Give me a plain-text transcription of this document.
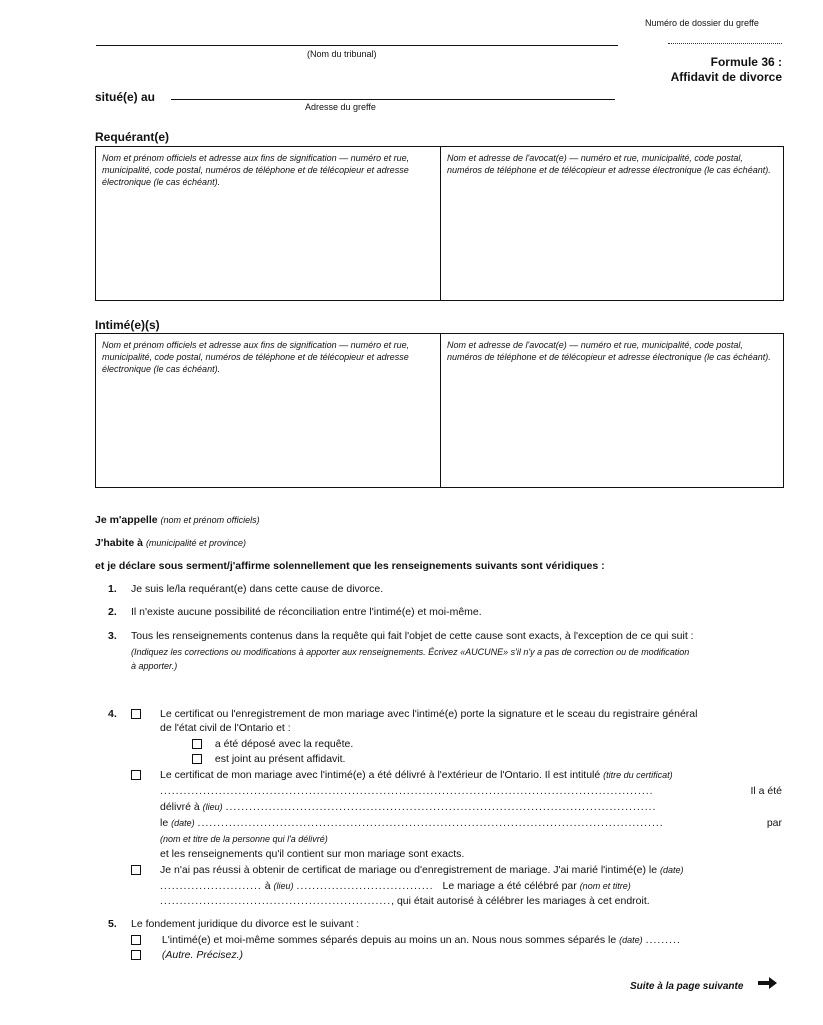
Numéro de dossier du greffe
(Nom du tribunal)
Formule 36 :
Affidavit de divorce
situé(e) au
Adresse du greffe
Requérant(e)
Nom et prénom officiels et adresse aux fins de signification — numéro et rue, municipalité, code postal, numéros de téléphone et de télécopieur et adresse électronique (le cas échéant).
Nom et adresse de l'avocat(e) — numéro et rue, municipalité, code postal, numéros de téléphone et de télécopieur et adresse électronique (le cas échéant).
Intimé(e)(s)
Nom et prénom officiels et adresse aux fins de signification — numéro et rue, municipalité, code postal, numéros de téléphone et de télécopieur et adresse électronique (le cas échéant).
Nom et adresse de l'avocat(e) — numéro et rue, municipalité, code postal, numéros de téléphone et de télécopieur et adresse électronique (le cas échéant).
Je m'appelle (nom et prénom officiels)
J'habite à (municipalité et province)
et je déclare sous serment/j'affirme solennellement que les renseignements suivants sont véridiques :
1. Je suis le/la requérant(e) dans cette cause de divorce.
2. Il n'existe aucune possibilité de réconciliation entre l'intimé(e) et moi-même.
3. Tous les renseignements contenus dans la requête qui fait l'objet de cette cause sont exacts, à l'exception de ce qui suit :
(Indiquez les corrections ou modifications à apporter aux renseignements. Écrivez «AUCUNE» s'il n'y a pas de correction ou de modification
à apporter.)
4.	Le certificat ou l'enregistrement de mon mariage avec l'intimé(e) porte la signature et le sceau du registraire général
de l'état civil de l'Ontario et :
a été déposé avec la requête.
est joint au présent affidavit.
Le certificat de mon mariage avec l'intimé(e) a été délivré à l'extérieur de l'Ontario. Il est intitulé (titre du certificat)
..............................................................................................................................	Il a été
délivré à (lieu) ..............................................................................................................
le (date) .......................................................................................................................	par
(nom et titre de la personne qui l'a délivré)
et les renseignements qu'il contient sur mon mariage sont exacts.
Je n'ai pas réussi à obtenir de certificat de mariage ou d'enregistrement de mariage. J'ai marié l'intimé(e) le (date)
.......................... à (lieu) ................................... Le mariage a été célébré par (nom et titre)
..........................................................., qui était autorisé à célébrer les mariages à cet endroit.
5. Le fondement juridique du divorce est le suivant :
L'intimé(e) et moi-même sommes séparés depuis au moins un an. Nous nous sommes séparés le (date) .........
(Autre. Précisez.)
Suite à la page suivante
